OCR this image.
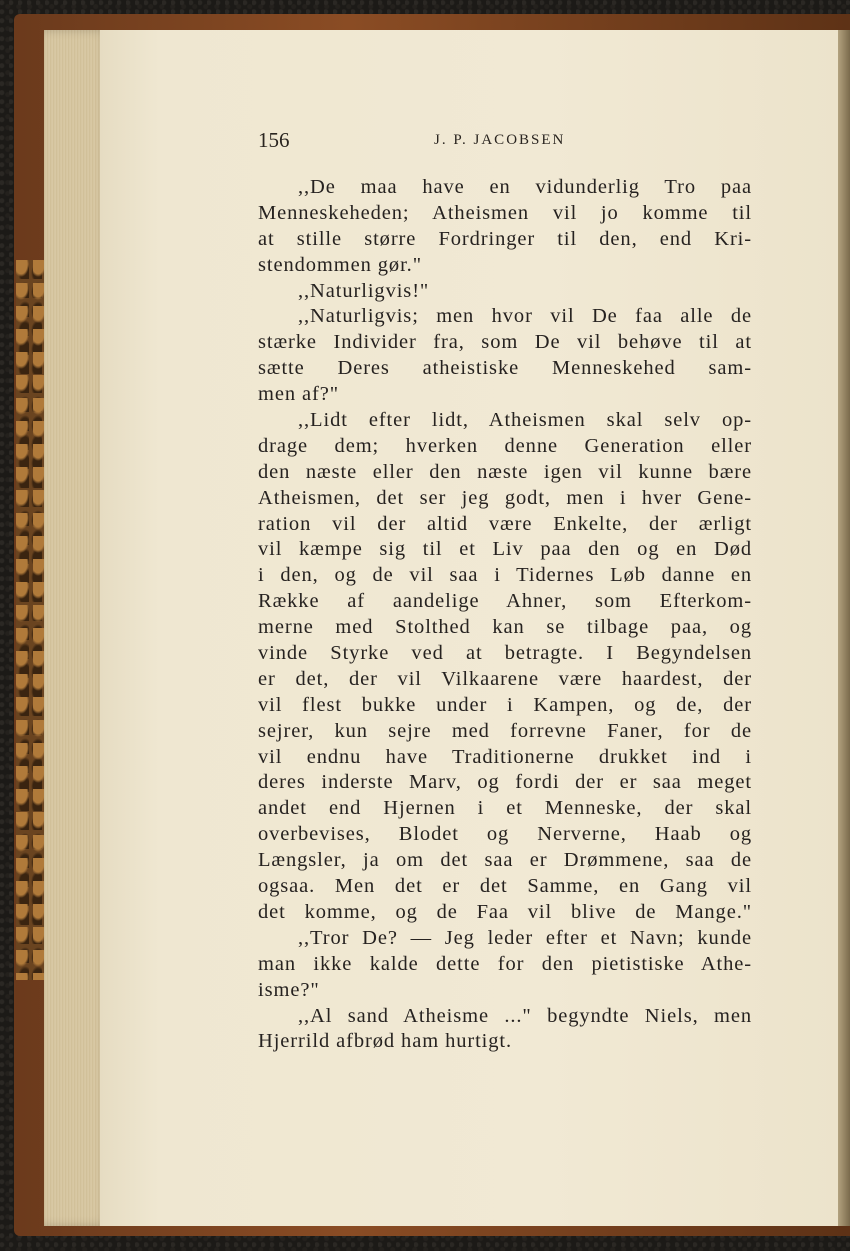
156	J. P. JACOBSEN
,,De maa have en vidunderlig Tro paa
Menneskeheden; Atheismen vil jo komme til
at stille større Fordringer til den, end Kri-
stendommen gør."
,,Naturligvis!"
,,Naturligvis; men hvor vil De faa alle de
stærke Individer fra, som De vil behøve til at
sætte Deres atheistiske Menneskehed sam-
men af?"
,,Lidt efter lidt, Atheismen skal selv op-
drage dem; hverken denne Generation eller
den næste eller den næste igen vil kunne bære
Atheismen, det ser jeg godt, men i hver Gene-
ration vil der altid være Enkelte, der ærligt
vil kæmpe sig til et Liv paa den og en Død
i den, og de vil saa i Tidernes Løb danne en
Række af aandelige Ahner, som Efterkom-
merne med Stolthed kan se tilbage paa, og
vinde Styrke ved at betragte. I Begyndelsen
er det, der vil Vilkaarene være haardest, der
vil flest bukke under i Kampen, og de, der
sejrer, kun sejre med forrevne Faner, for de
vil endnu have Traditionerne drukket ind i
deres inderste Marv, og fordi der er saa meget
andet end Hjernen i et Menneske, der skal
overbevises, Blodet og Nerverne, Haab og
Længsler, ja om det saa er Drømmene, saa de
ogsaa. Men det er det Samme, en Gang vil
det komme, og de Faa vil blive de Mange."
,,Tror De? — Jeg leder efter et Navn; kunde
man ikke kalde dette for den pietistiske Athe-
isme?"
,,Al sand Atheisme ..." begyndte Niels, men
Hjerrild afbrød ham hurtigt.
